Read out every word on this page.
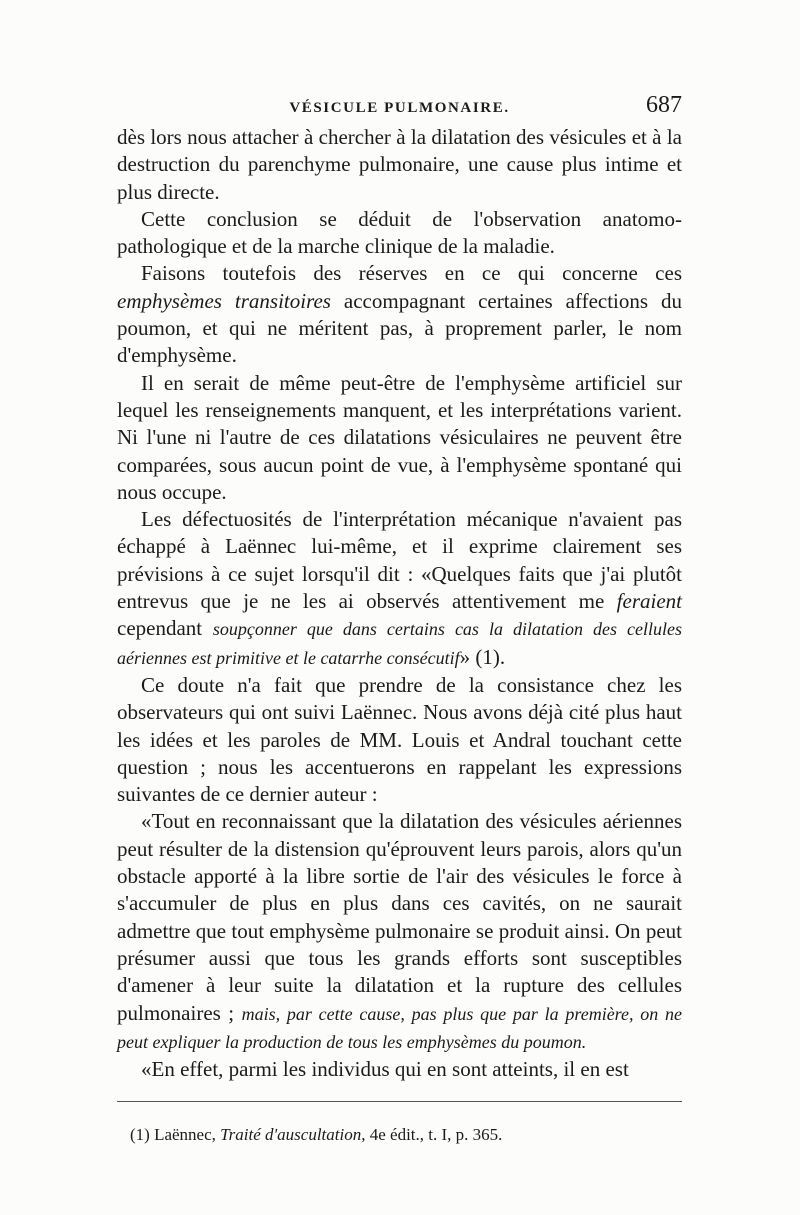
VÉSICULE PULMONAIRE.	687

dès lors nous attacher à chercher à la dilatation des vésicules et à la destruction du parenchyme pulmonaire, une cause plus intime et plus directe.

Cette conclusion se déduit de l'observation anatomo-pathologique et de la marche clinique de la maladie.

Faisons toutefois des réserves en ce qui concerne ces emphysèmes transitoires accompagnant certaines affections du poumon, et qui ne méritent pas, à proprement parler, le nom d'emphysème.

Il en serait de même peut-être de l'emphysème artificiel sur lequel les renseignements manquent, et les interprétations varient. Ni l'une ni l'autre de ces dilatations vésiculaires ne peuvent être comparées, sous aucun point de vue, à l'emphysème spontané qui nous occupe.

Les défectuosités de l'interprétation mécanique n'avaient pas échappé à Laënnec lui-même, et il exprime clairement ses prévisions à ce sujet lorsqu'il dit : «Quelques faits que j'ai plutôt entrevus que je ne les ai observés attentivement me feraient cependant soupçonner que dans certains cas la dilatation des cellules aériennes est primitive et le catarrhe consécutif» (1).

Ce doute n'a fait que prendre de la consistance chez les observateurs qui ont suivi Laënnec. Nous avons déjà cité plus haut les idées et les paroles de MM. Louis et Andral touchant cette question ; nous les accentuerons en rappelant les expressions suivantes de ce dernier auteur :

«Tout en reconnaissant que la dilatation des vésicules aériennes peut résulter de la distension qu'éprouvent leurs parois, alors qu'un obstacle apporté à la libre sortie de l'air des vésicules le force à s'accumuler de plus en plus dans ces cavités, on ne saurait admettre que tout emphysème pulmonaire se produit ainsi. On peut présumer aussi que tous les grands efforts sont susceptibles d'amener à leur suite la dilatation et la rupture des cellules pulmonaires ; mais, par cette cause, pas plus que par la première, on ne peut expliquer la production de tous les emphysèmes du poumon.

«En effet, parmi les individus qui en sont atteints, il en est

(1) Laënnec, Traité d'auscultation, 4e édit., t. I, p. 365.
